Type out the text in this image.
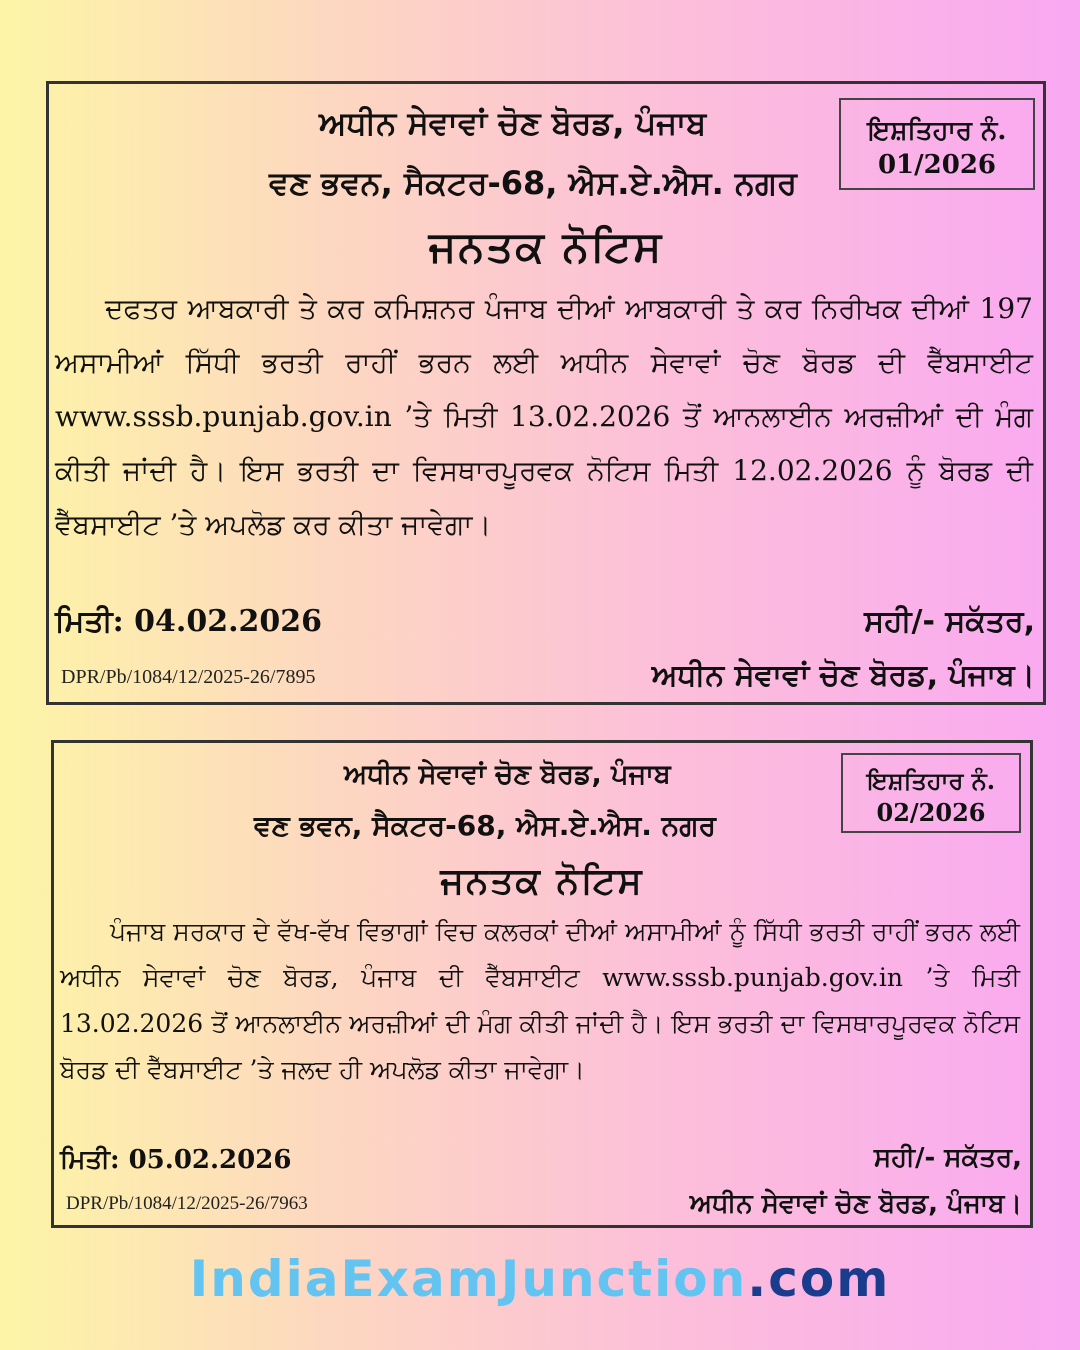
ਅਧੀਨ ਸੇਵਾਵਾਂ ਚੋਣ ਬੋਰਡ, ਪੰਜਾਬ
ਵਣ ਭਵਨ, ਸੈਕਟਰ-68, ਐਸ.ਏ.ਐਸ. ਨਗਰ
ਇਸ਼ਤਿਹਾਰ ਨੰ.
01/2026
ਜਨਤਕ ਨੋਟਿਸ

ਦਫਤਰ ਆਬਕਾਰੀ ਤੇ ਕਰ ਕਮਿਸ਼ਨਰ ਪੰਜਾਬ ਦੀਆਂ ਆਬਕਾਰੀ ਤੇ ਕਰ ਨਿਰੀਖਕ ਦੀਆਂ 197 ਅਸਾਮੀਆਂ ਸਿੱਧੀ ਭਰਤੀ ਰਾਹੀਂ ਭਰਨ ਲਈ ਅਧੀਨ ਸੇਵਾਵਾਂ ਚੋਣ ਬੋਰਡ ਦੀ ਵੈੱਬਸਾਈਟ www.sssb.punjab.gov.in ’ਤੇ ਮਿਤੀ 13.02.2026 ਤੋਂ ਆਨਲਾਈਨ ਅਰਜ਼ੀਆਂ ਦੀ ਮੰਗ ਕੀਤੀ ਜਾਂਦੀ ਹੈ। ਇਸ ਭਰਤੀ ਦਾ ਵਿਸਥਾਰਪੂਰਵਕ ਨੋਟਿਸ ਮਿਤੀ 12.02.2026 ਨੂੰ ਬੋਰਡ ਦੀ ਵੈੱਬਸਾਈਟ ’ਤੇ ਅਪਲੋਡ ਕਰ ਕੀਤਾ ਜਾਵੇਗਾ।

ਮਿਤੀ: 04.02.2026	ਸਹੀ/- ਸਕੱਤਰ,
ਅਧੀਨ ਸੇਵਾਵਾਂ ਚੋਣ ਬੋਰਡ, ਪੰਜਾਬ।
DPR/Pb/1084/12/2025-26/7895
ਅਧੀਨ ਸੇਵਾਵਾਂ ਚੋਣ ਬੋਰਡ, ਪੰਜਾਬ
ਵਣ ਭਵਨ, ਸੈਕਟਰ-68, ਐਸ.ਏ.ਐਸ. ਨਗਰ
ਇਸ਼ਤਿਹਾਰ ਨੰ.
02/2026
ਜਨਤਕ ਨੋਟਿਸ

ਪੰਜਾਬ ਸਰਕਾਰ ਦੇ ਵੱਖ-ਵੱਖ ਵਿਭਾਗਾਂ ਵਿਚ ਕਲਰਕਾਂ ਦੀਆਂ ਅਸਾਮੀਆਂ ਨੂੰ ਸਿੱਧੀ ਭਰਤੀ ਰਾਹੀਂ ਭਰਨ ਲਈ ਅਧੀਨ ਸੇਵਾਵਾਂ ਚੋਣ ਬੋਰਡ, ਪੰਜਾਬ ਦੀ ਵੈੱਬਸਾਈਟ www.sssb.punjab.gov.in ’ਤੇ ਮਿਤੀ 13.02.2026 ਤੋਂ ਆਨਲਾਈਨ ਅਰਜ਼ੀਆਂ ਦੀ ਮੰਗ ਕੀਤੀ ਜਾਂਦੀ ਹੈ। ਇਸ ਭਰਤੀ ਦਾ ਵਿਸਥਾਰਪੂਰਵਕ ਨੋਟਿਸ ਬੋਰਡ ਦੀ ਵੈੱਬਸਾਈਟ ’ਤੇ ਜਲਦ ਹੀ ਅਪਲੋਡ ਕੀਤਾ ਜਾਵੇਗਾ।

ਮਿਤੀ: 05.02.2026	ਸਹੀ/- ਸਕੱਤਰ,
ਅਧੀਨ ਸੇਵਾਵਾਂ ਚੋਣ ਬੋਰਡ, ਪੰਜਾਬ।
DPR/Pb/1084/12/2025-26/7963
IndiaExamJunction.com
